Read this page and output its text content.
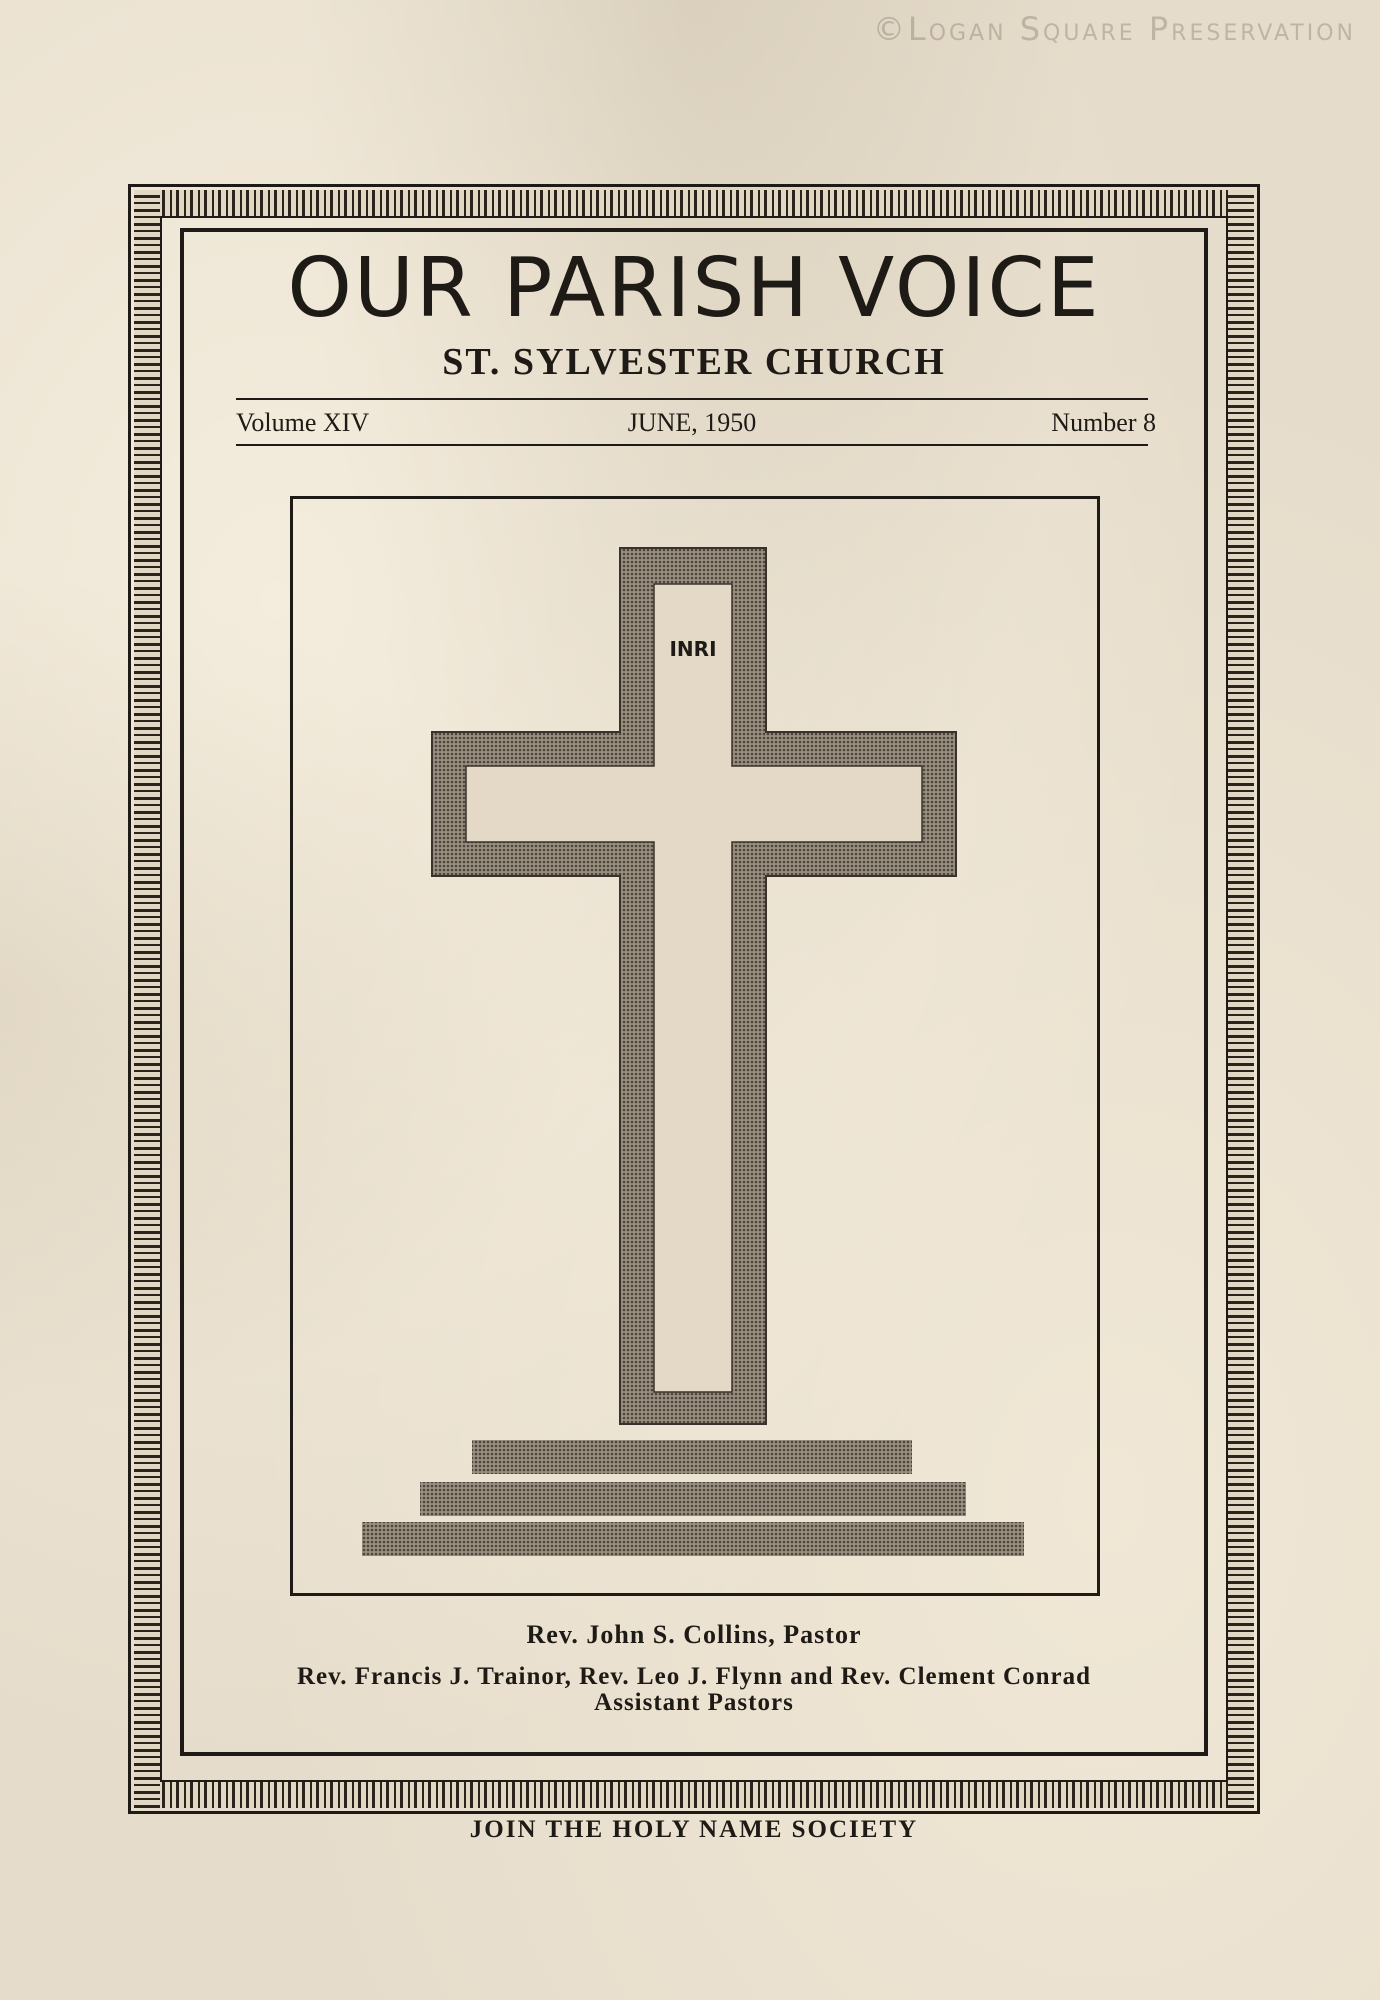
©Logan Square Preservation
OUR PARISH VOICE
ST. SYLVESTER CHURCH
Volume XIV	JUNE, 1950	Number 8
INRI
Rev. John S. Collins, Pastor
Rev. Francis J. Trainor, Rev. Leo J. Flynn and Rev. Clement Conrad
Assistant Pastors
JOIN THE HOLY NAME SOCIETY
